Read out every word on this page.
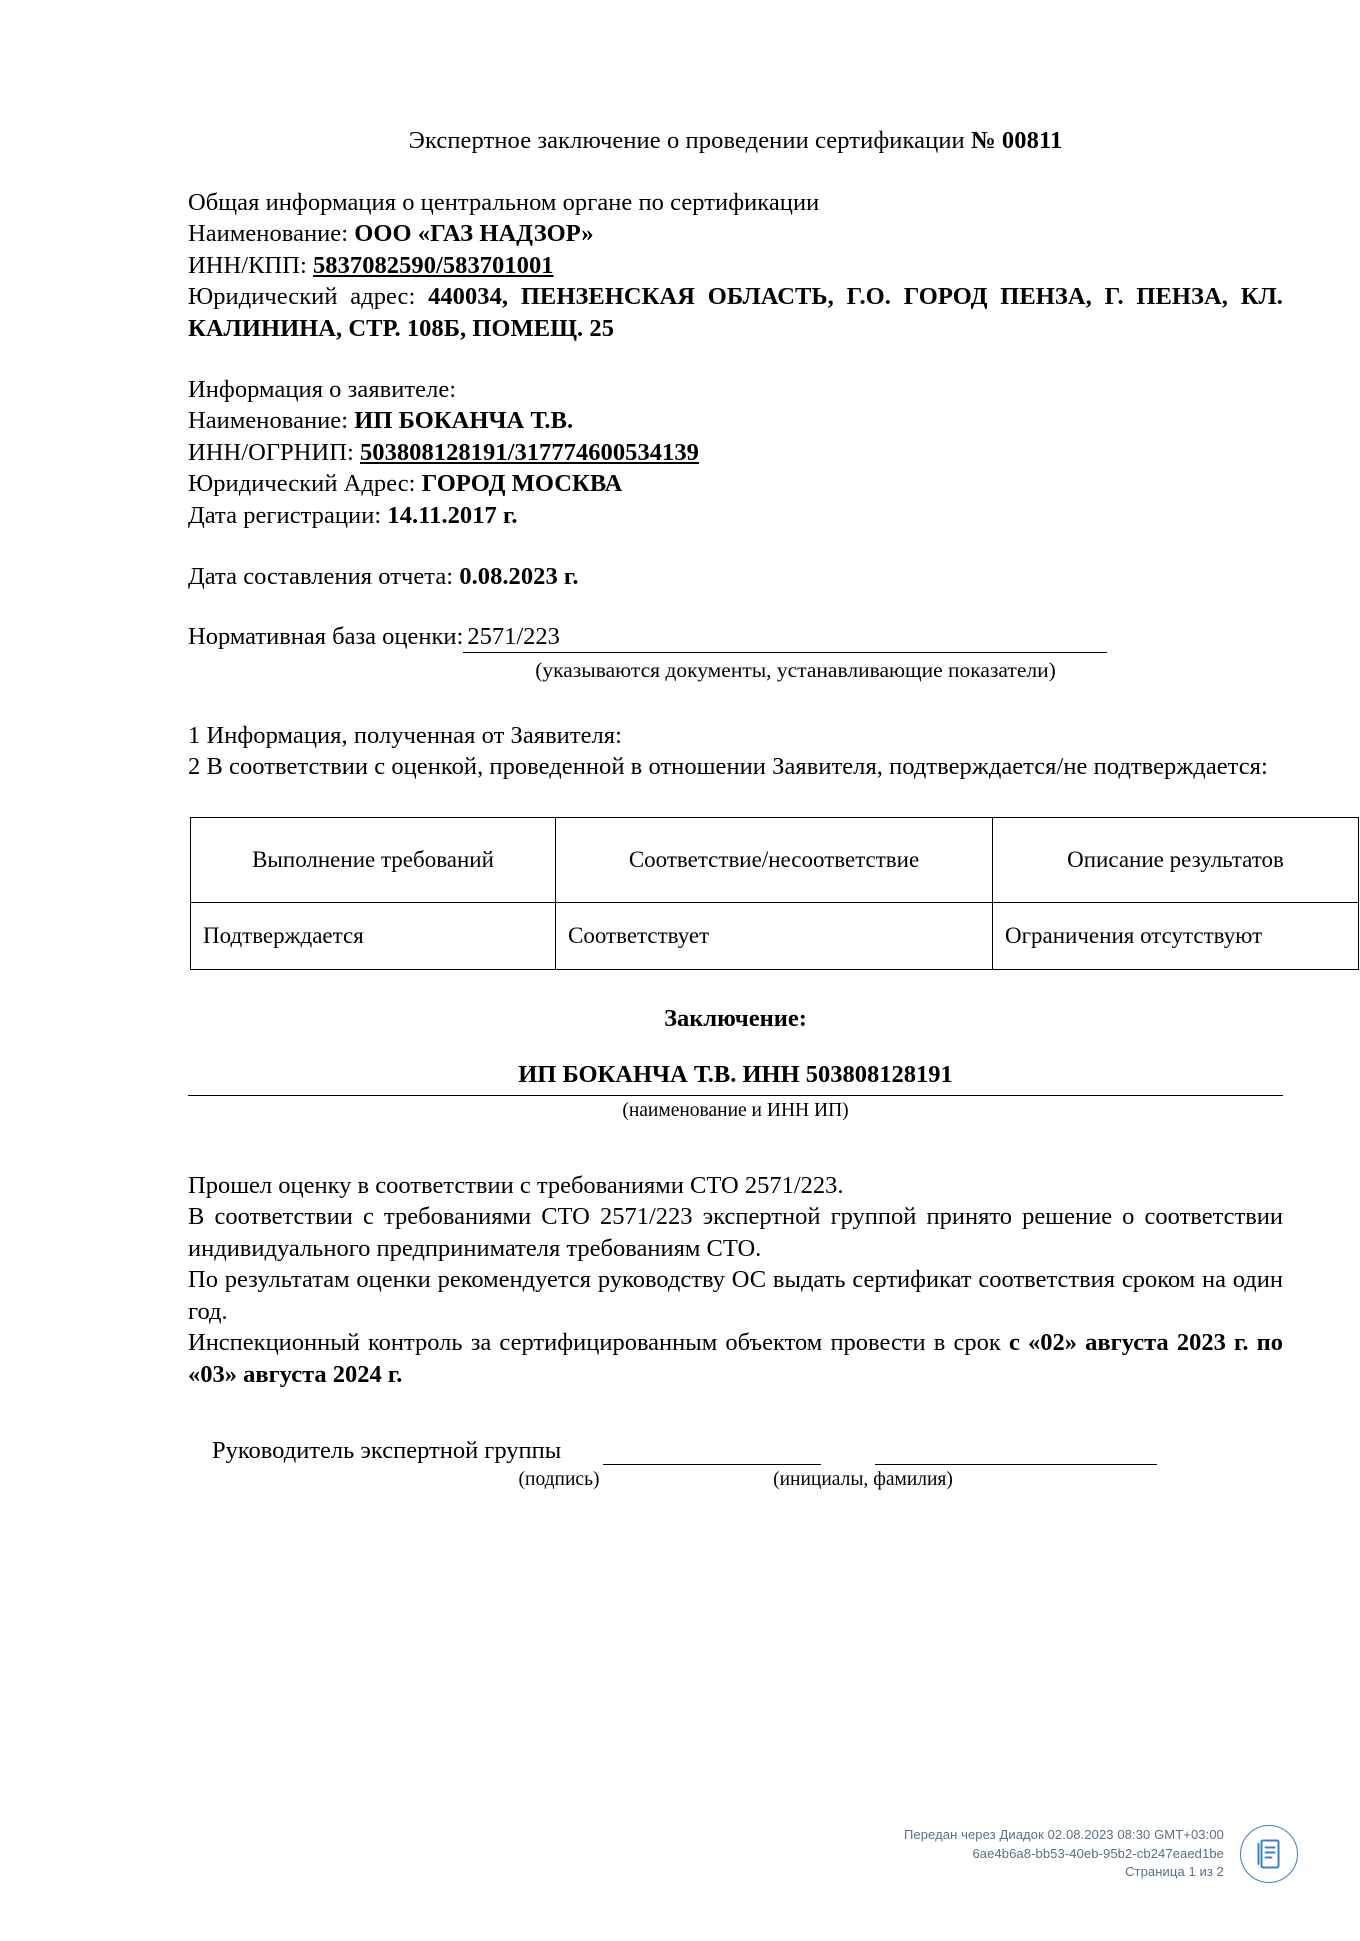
Экспертное заключение о проведении сертификации № 00811
Общая информация о центральном органе по сертификации
Наименование: ООО «ГАЗ НАДЗОР»
ИНН/КПП: 5837082590/583701001
Юридический адрес: 440034, ПЕНЗЕНСКАЯ ОБЛАСТЬ, Г.О. ГОРОД ПЕНЗА, Г. ПЕНЗА, КЛ. КАЛИНИНА, СТР. 108Б, ПОМЕЩ. 25
Информация о заявителе:
Наименование: ИП БОКАНЧА Т.В.
ИНН/ОГРНИП: 503808128191/317774600534139
Юридический Адрес: ГОРОД МОСКВА
Дата регистрации: 14.11.2017 г.
Дата составления отчета: 0.08.2023 г.
Нормативная база оценки: 2571/223
(указываются документы, устанавливающие показатели)
1 Информация, полученная от Заявителя:
2 В соответствии с оценкой, проведенной в отношении Заявителя, подтверждается/не подтверждается:
Выполнение требований	Соответствие/несоответствие	Описание результатов
Подтверждается	Соответствует	Ограничения отсутствуют
Заключение:
ИП БОКАНЧА Т.В. ИНН 503808128191
(наименование и ИНН ИП)
Прошел оценку в соответствии с требованиями СТО 2571/223.
В соответствии с требованиями СТО 2571/223 экспертной группой принято решение о соответствии индивидуального предпринимателя требованиям СТО.
По результатам оценки рекомендуется руководству ОС выдать сертификат соответствия сроком на один год.
Инспекционный контроль за сертифицированным объектом провести в срок с «02» августа 2023 г. по «03» августа 2024 г.
Руководитель экспертной группы
(подпись)	(инициалы, фамилия)
Передан через Диадок 02.08.2023 08:30 GMT+03:00
6ae4b6a8-bb53-40eb-95b2-cb247eaed1be
Страница 1 из 2
